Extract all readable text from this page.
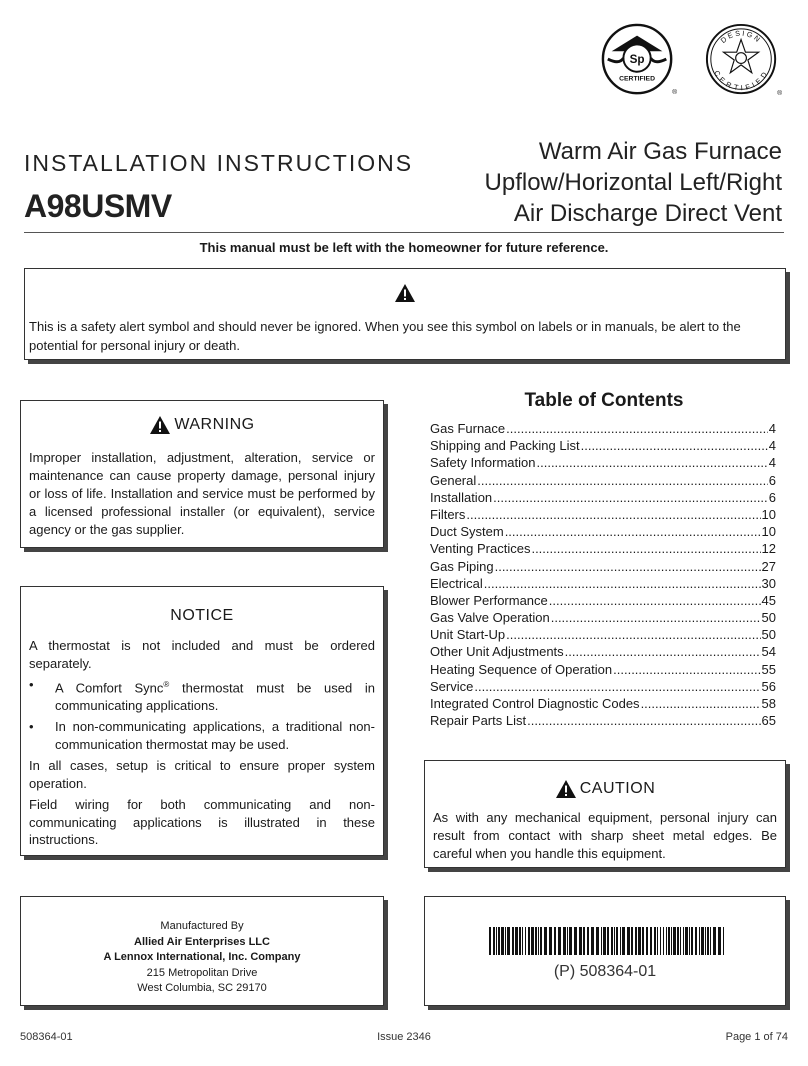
Sp
CERTIFIED
®
DESIGN
CERTIFIED
®
INSTALLATION INSTRUCTIONS
A98USMV
Warm Air Gas Furnace
Upflow/Horizontal Left/Right
Air Discharge Direct Vent
This manual must be left with the homeowner for future reference.
This is a safety alert symbol and should never be ignored. When you see this symbol on labels or in manuals, be alert to the potential for personal injury or death.
WARNING
Improper installation, adjustment, alteration, service or maintenance can cause property damage, personal injury or loss of life. Installation and service must be performed by a licensed professional installer (or equivalent), service agency or the gas supplier.
NOTICE

A thermostat is not included and must be ordered separately.

•	A Comfort Sync® thermostat must be used in communicating applications.
•	In non-communicating applications, a traditional non-communication thermostat may be used.

In all cases, setup is critical to ensure proper system operation.

Field wiring for both communicating and non-communicating applications is illustrated in these instructions.

Table of Contents
Gas Furnace .....	4
Shipping and Packing List .....	4
Safety Information .....	4
General .....	6
Installation .....	6
Filters .....	10
Duct System .....	10
Venting Practices .....	12
Gas Piping .....	27
Electrical .....	30
Blower Performance .....	45
Gas Valve Operation .....	50
Unit Start-Up .....	50
Other Unit Adjustments .....	54
Heating Sequence of Operation .....	55
Service .....	56
Integrated Control Diagnostic Codes .....	58
Repair Parts List .....	65
CAUTION
As with any mechanical equipment, personal injury can result from contact with sharp sheet metal edges. Be careful when you handle this equipment.
Manufactured By
Allied Air Enterprises LLC
A Lennox International, Inc. Company
215 Metropolitan Drive
West Columbia, SC 29170
(P) 508364-01
508364-01	Issue 2346	Page 1 of 74
